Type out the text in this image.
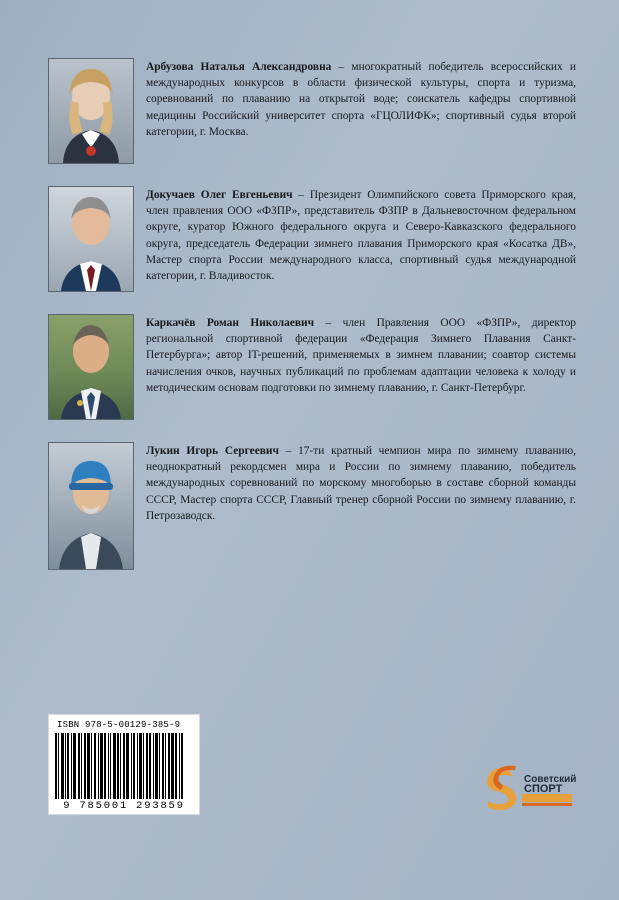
Арбузова Наталья Александровна – многократный победитель всероссийских и международных конкурсов в области физической культуры, спорта и туризма, соревнований по плаванию на открытой воде; соискатель кафедры спортивной медицины Российский университет спорта «ГЦОЛИФК»; спортивный судья второй категории, г. Москва.
Докучаев Олег Евгеньевич – Президент Олимпийского совета Приморского края, член правления ООО «ФЗПР», представитель ФЗПР в Дальневосточном федеральном округе, куратор Южного федерального округа и Северо-Кавказского федерального округа, председатель Федерации зимнего плавания Приморского края «Косатка ДВ», Мастер спорта России международного класса, спортивный судья международной категории, г. Владивосток.
Каркачёв Роман Николаевич – член Правления ООО «ФЗПР», директор региональной спортивной федерации «Федерация Зимнего Плавания Санкт-Петербурга»; автор IT-решений, применяемых в зимнем плавании; соавтор системы начисления очков, научных публикаций по проблемам адаптации человека к холоду и методическим основам подготовки по зимнему плаванию, г. Санкт-Петербург.
Лукин Игорь Сергеевич – 17-ти кратный чемпион мира по зимнему плаванию, неоднократный рекордсмен мира и России по зимнему плаванию, победитель международных соревнований по морскому многоборью в составе сборной команды СССР, Мастер спорта СССР, Главный тренер сборной России по зимнему плаванию, г. Петрозаводск.
ISBN 978-5-00129-385-9
9 785001 293859
Советский
СПОРТ
